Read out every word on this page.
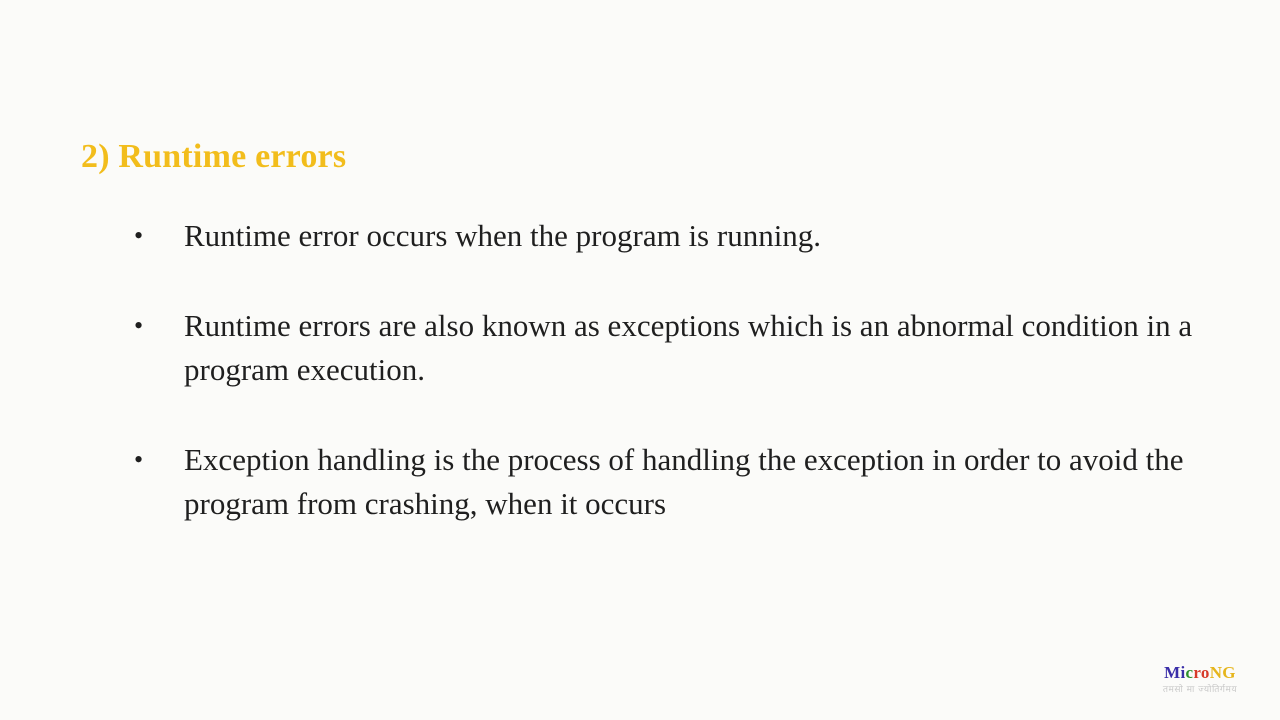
2) Runtime errors
• Runtime error occurs when the program is running.
• Runtime errors are also known as exceptions which is an abnormal condition in a program execution.
• Exception handling is the process of handling the exception in order to avoid the program from crashing, when it occurs
MicroNG
तमसो मा ज्योतिर्गमय
